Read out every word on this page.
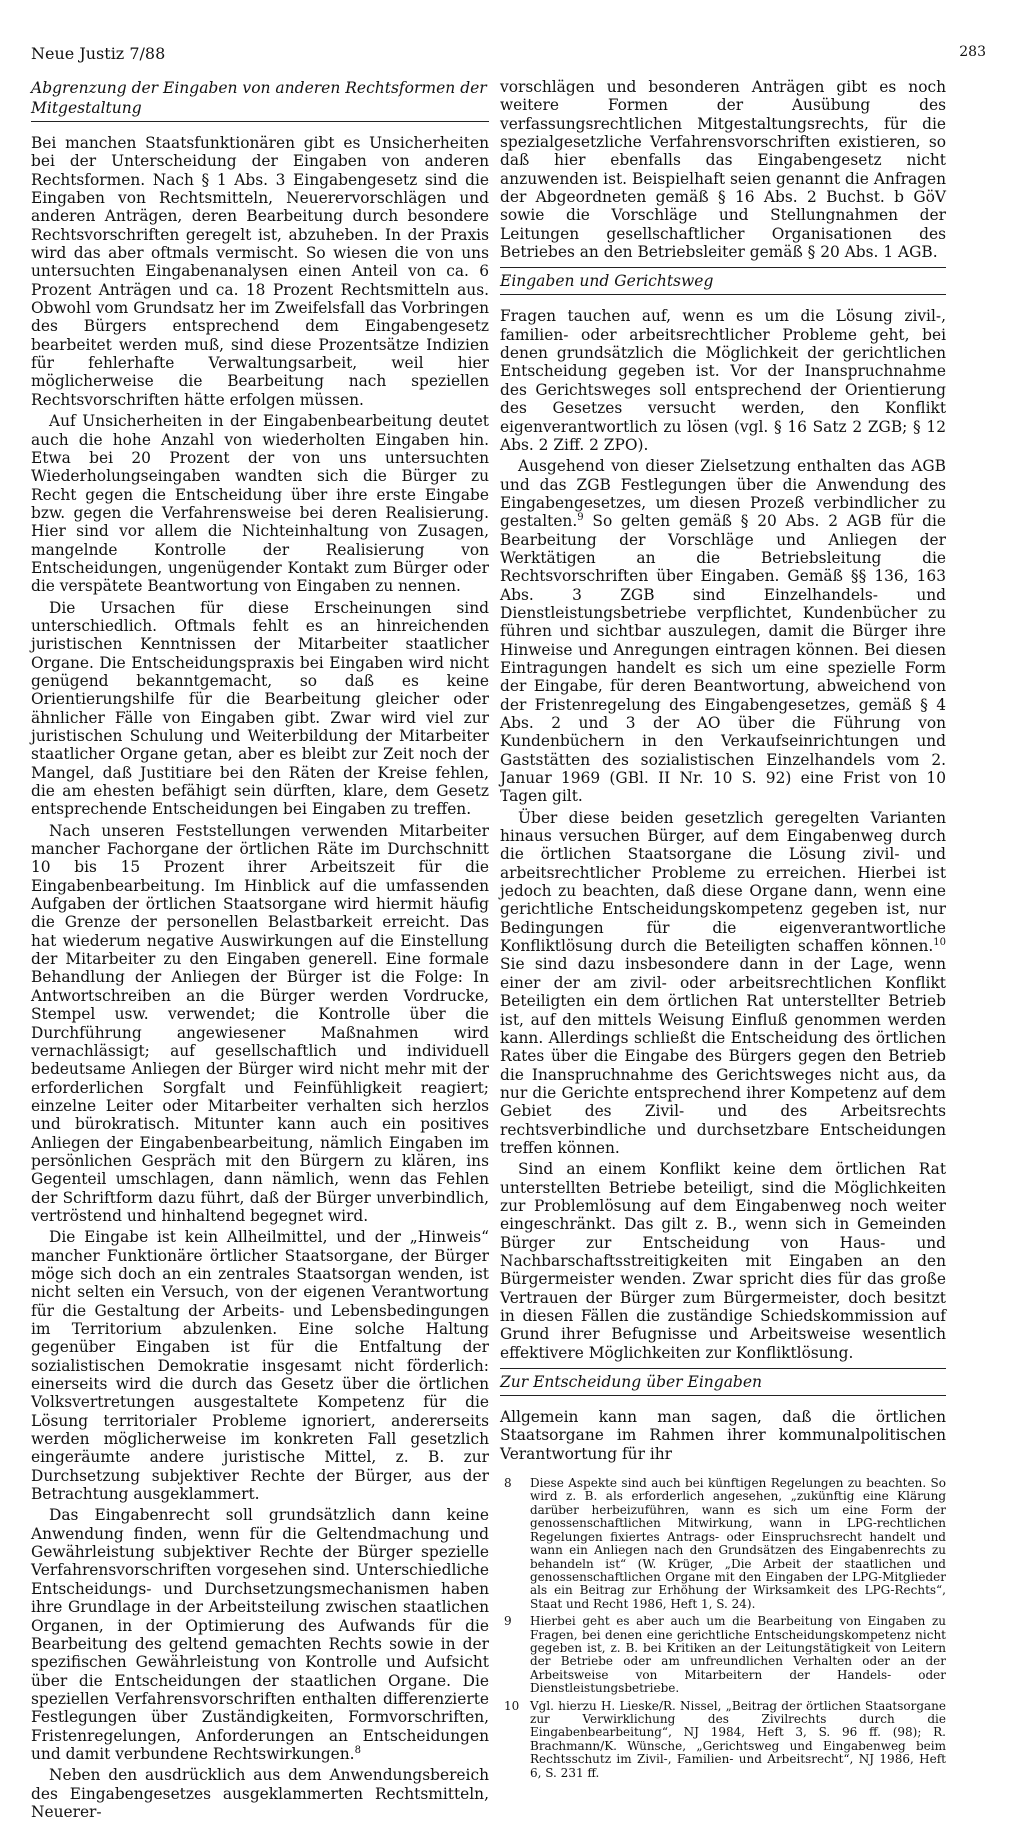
Neue Justiz 7/88	283
Abgrenzung der Eingaben von anderen Rechtsformen der Mitgestaltung

Bei manchen Staatsfunktionären gibt es Unsicherheiten bei der Unterscheidung der Eingaben von anderen Rechtsformen. Nach § 1 Abs. 3 Eingabengesetz sind die Eingaben von Rechtsmitteln, Neuerervorschlägen und anderen Anträgen, deren Bearbeitung durch besondere Rechtsvorschriften geregelt ist, abzuheben. In der Praxis wird das aber oftmals vermischt. So wiesen die von uns untersuchten Eingabenanalysen einen Anteil von ca. 6 Prozent Anträgen und ca. 18 Prozent Rechtsmitteln aus. Obwohl vom Grundsatz her im Zweifelsfall das Vorbringen des Bürgers entsprechend dem Eingabengesetz bearbeitet werden muß, sind diese Prozentsätze Indizien für fehlerhafte Verwaltungsarbeit, weil hier möglicherweise die Bearbeitung nach speziellen Rechtsvorschriften hätte erfolgen müssen.

Auf Unsicherheiten in der Eingabenbearbeitung deutet auch die hohe Anzahl von wiederholten Eingaben hin. Etwa bei 20 Prozent der von uns untersuchten Wiederholungseingaben wandten sich die Bürger zu Recht gegen die Entscheidung über ihre erste Eingabe bzw. gegen die Verfahrensweise bei deren Realisierung. Hier sind vor allem die Nichteinhaltung von Zusagen, mangelnde Kontrolle der Realisierung von Entscheidungen, ungenügender Kontakt zum Bürger oder die verspätete Beantwortung von Eingaben zu nennen.

Die Ursachen für diese Erscheinungen sind unterschiedlich. Oftmals fehlt es an hinreichenden juristischen Kenntnissen der Mitarbeiter staatlicher Organe. Die Entscheidungspraxis bei Eingaben wird nicht genügend bekanntgemacht, so daß es keine Orientierungshilfe für die Bearbeitung gleicher oder ähnlicher Fälle von Eingaben gibt. Zwar wird viel zur juristischen Schulung und Weiterbildung der Mitarbeiter staatlicher Organe getan, aber es bleibt zur Zeit noch der Mangel, daß Justitiare bei den Räten der Kreise fehlen, die am ehesten befähigt sein dürften, klare, dem Gesetz entsprechende Entscheidungen bei Eingaben zu treffen.

Nach unseren Feststellungen verwenden Mitarbeiter mancher Fachorgane der örtlichen Räte im Durchschnitt 10 bis 15 Prozent ihrer Arbeitszeit für die Eingabenbearbeitung. Im Hinblick auf die umfassenden Aufgaben der örtlichen Staatsorgane wird hiermit häufig die Grenze der personellen Belastbarkeit erreicht. Das hat wiederum negative Auswirkungen auf die Einstellung der Mitarbeiter zu den Eingaben generell. Eine formale Behandlung der Anliegen der Bürger ist die Folge: In Antwortschreiben an die Bürger werden Vordrucke, Stempel usw. verwendet; die Kontrolle über die Durchführung angewiesener Maßnahmen wird vernachlässigt; auf gesellschaftlich und individuell bedeutsame Anliegen der Bürger wird nicht mehr mit der erforderlichen Sorgfalt und Feinfühligkeit reagiert; einzelne Leiter oder Mitarbeiter verhalten sich herzlos und bürokratisch. Mitunter kann auch ein positives Anliegen der Eingabenbearbeitung, nämlich Eingaben im persönlichen Gespräch mit den Bürgern zu klären, ins Gegenteil umschlagen, dann nämlich, wenn das Fehlen der Schriftform dazu führt, daß der Bürger unverbindlich, vertröstend und hinhaltend begegnet wird.

Die Eingabe ist kein Allheilmittel, und der „Hinweis“ mancher Funktionäre örtlicher Staatsorgane, der Bürger möge sich doch an ein zentrales Staatsorgan wenden, ist nicht selten ein Versuch, von der eigenen Verantwortung für die Gestaltung der Arbeits- und Lebensbedingungen im Territorium abzulenken. Eine solche Haltung gegenüber Eingaben ist für die Entfaltung der sozialistischen Demokratie insgesamt nicht förderlich: einerseits wird die durch das Gesetz über die örtlichen Volksvertretungen ausgestaltete Kompetenz für die Lösung territorialer Probleme ignoriert, andererseits werden möglicherweise im konkreten Fall gesetzlich eingeräumte andere juristische Mittel, z. B. zur Durchsetzung subjektiver Rechte der Bürger, aus der Betrachtung ausgeklammert.

Das Eingabenrecht soll grundsätzlich dann keine Anwendung finden, wenn für die Geltendmachung und Gewährleistung subjektiver Rechte der Bürger spezielle Verfahrensvorschriften vorgesehen sind. Unterschiedliche Entscheidungs- und Durchsetzungsmechanismen haben ihre Grundlage in der Arbeitsteilung zwischen staatlichen Organen, in der Optimierung des Aufwands für die Bearbeitung des geltend gemachten Rechts sowie in der spezifischen Gewährleistung von Kontrolle und Aufsicht über die Entscheidungen der staatlichen Organe. Die speziellen Verfahrensvorschriften enthalten differenzierte Festlegungen über Zuständigkeiten, Formvorschriften, Fristenregelungen, Anforderungen an Entscheidungen und damit verbundene Rechtswirkungen.$^8$

Neben den ausdrücklich aus dem Anwendungsbereich des Eingabengesetzes ausgeklammerten Rechtsmitteln, Neuerer-

vorschlägen und besonderen Anträgen gibt es noch weitere Formen der Ausübung des verfassungsrechtlichen Mitgestaltungsrechts, für die spezialgesetzliche Verfahrensvorschriften existieren, so daß hier ebenfalls das Eingabengesetz nicht anzuwenden ist. Beispielhaft seien genannt die Anfragen der Abgeordneten gemäß § 16 Abs. 2 Buchst. b GöV sowie die Vorschläge und Stellungnahmen der Leitungen gesellschaftlicher Organisationen des Betriebes an den Betriebsleiter gemäß § 20 Abs. 1 AGB.

Eingaben und Gerichtsweg

Fragen tauchen auf, wenn es um die Lösung zivil-, familien- oder arbeitsrechtlicher Probleme geht, bei denen grundsätzlich die Möglichkeit der gerichtlichen Entscheidung gegeben ist. Vor der Inanspruchnahme des Gerichtsweges soll entsprechend der Orientierung des Gesetzes versucht werden, den Konflikt eigenverantwortlich zu lösen (vgl. § 16 Satz 2 ZGB; § 12 Abs. 2 Ziff. 2 ZPO).

Ausgehend von dieser Zielsetzung enthalten das AGB und das ZGB Festlegungen über die Anwendung des Eingabengesetzes, um diesen Prozeß verbindlicher zu gestalten.$^9$ So gelten gemäß § 20 Abs. 2 AGB für die Bearbeitung der Vorschläge und Anliegen der Werktätigen an die Betriebsleitung die Rechtsvorschriften über Eingaben. Gemäß §§ 136, 163 Abs. 3 ZGB sind Einzelhandels- und Dienstleistungsbetriebe verpflichtet, Kundenbücher zu führen und sichtbar auszulegen, damit die Bürger ihre Hinweise und Anregungen eintragen können. Bei diesen Eintragungen handelt es sich um eine spezielle Form der Eingabe, für deren Beantwortung, abweichend von der Fristenregelung des Eingabengesetzes, gemäß § 4 Abs. 2 und 3 der AO über die Führung von Kundenbüchern in den Verkaufseinrichtungen und Gaststätten des sozialistischen Einzelhandels vom 2. Januar 1969 (GBl. II Nr. 10 S. 92) eine Frist von 10 Tagen gilt.

Über diese beiden gesetzlich geregelten Varianten hinaus versuchen Bürger, auf dem Eingabenweg durch die örtlichen Staatsorgane die Lösung zivil- und arbeitsrechtlicher Probleme zu erreichen. Hierbei ist jedoch zu beachten, daß diese Organe dann, wenn eine gerichtliche Entscheidungskompetenz gegeben ist, nur Bedingungen für die eigenverantwortliche Konfliktlösung durch die Beteiligten schaffen können.$^{10}$ Sie sind dazu insbesondere dann in der Lage, wenn einer der am zivil- oder arbeitsrechtlichen Konflikt Beteiligten ein dem örtlichen Rat unterstellter Betrieb ist, auf den mittels Weisung Einfluß genommen werden kann. Allerdings schließt die Entscheidung des örtlichen Rates über die Eingabe des Bürgers gegen den Betrieb die Inanspruchnahme des Gerichtsweges nicht aus, da nur die Gerichte entsprechend ihrer Kompetenz auf dem Gebiet des Zivil- und des Arbeitsrechts rechtsverbindliche und durchsetzbare Entscheidungen treffen können.

Sind an einem Konflikt keine dem örtlichen Rat unterstellten Betriebe beteiligt, sind die Möglichkeiten zur Problemlösung auf dem Eingabenweg noch weiter eingeschränkt. Das gilt z. B., wenn sich in Gemeinden Bürger zur Entscheidung von Haus- und Nachbarschaftsstreitigkeiten mit Eingaben an den Bürgermeister wenden. Zwar spricht dies für das große Vertrauen der Bürger zum Bürgermeister, doch besitzt in diesen Fällen die zuständige Schiedskommission auf Grund ihrer Befugnisse und Arbeitsweise wesentlich effektivere Möglichkeiten zur Konfliktlösung.

Zur Entscheidung über Eingaben

Allgemein kann man sagen, daß die örtlichen Staatsorgane im Rahmen ihrer kommunalpolitischen Verantwortung für ihr

8	Diese Aspekte sind auch bei künftigen Regelungen zu beachten. So wird z. B. als erforderlich angesehen, „zukünftig eine Klärung darüber herbeizuführen, wann es sich um eine Form der genossenschaftlichen Mitwirkung, wann in LPG-rechtlichen Regelungen fixiertes Antrags- oder Einspruchsrecht handelt und wann ein Anliegen nach den Grundsätzen des Eingabenrechts zu behandeln ist“ (W. Krüger, „Die Arbeit der staatlichen und genossenschaftlichen Organe mit den Eingaben der LPG-Mitglieder als ein Beitrag zur Erhöhung der Wirksamkeit des LPG-Rechts“, Staat und Recht 1986, Heft 1, S. 24).
9	Hierbei geht es aber auch um die Bearbeitung von Eingaben zu Fragen, bei denen eine gerichtliche Entscheidungskompetenz nicht gegeben ist, z. B. bei Kritiken an der Leitungstätigkeit von Leitern der Betriebe oder am unfreundlichen Verhalten oder an der Arbeitsweise von Mitarbeitern der Handels- oder Dienstleistungsbetriebe.
10 Vgl. hierzu H. Lieske/R. Nissel, „Beitrag der örtlichen Staatsorgane zur Verwirklichung des Zivilrechts durch die Eingabenbearbeitung“, NJ 1984, Heft 3, S. 96 ff. (98); R. Brachmann/K. Wünsche, „Gerichtsweg und Eingabenweg beim Rechtsschutz im Zivil-, Familien- und Arbeitsrecht“, NJ 1986, Heft 6, S. 231 ff.
